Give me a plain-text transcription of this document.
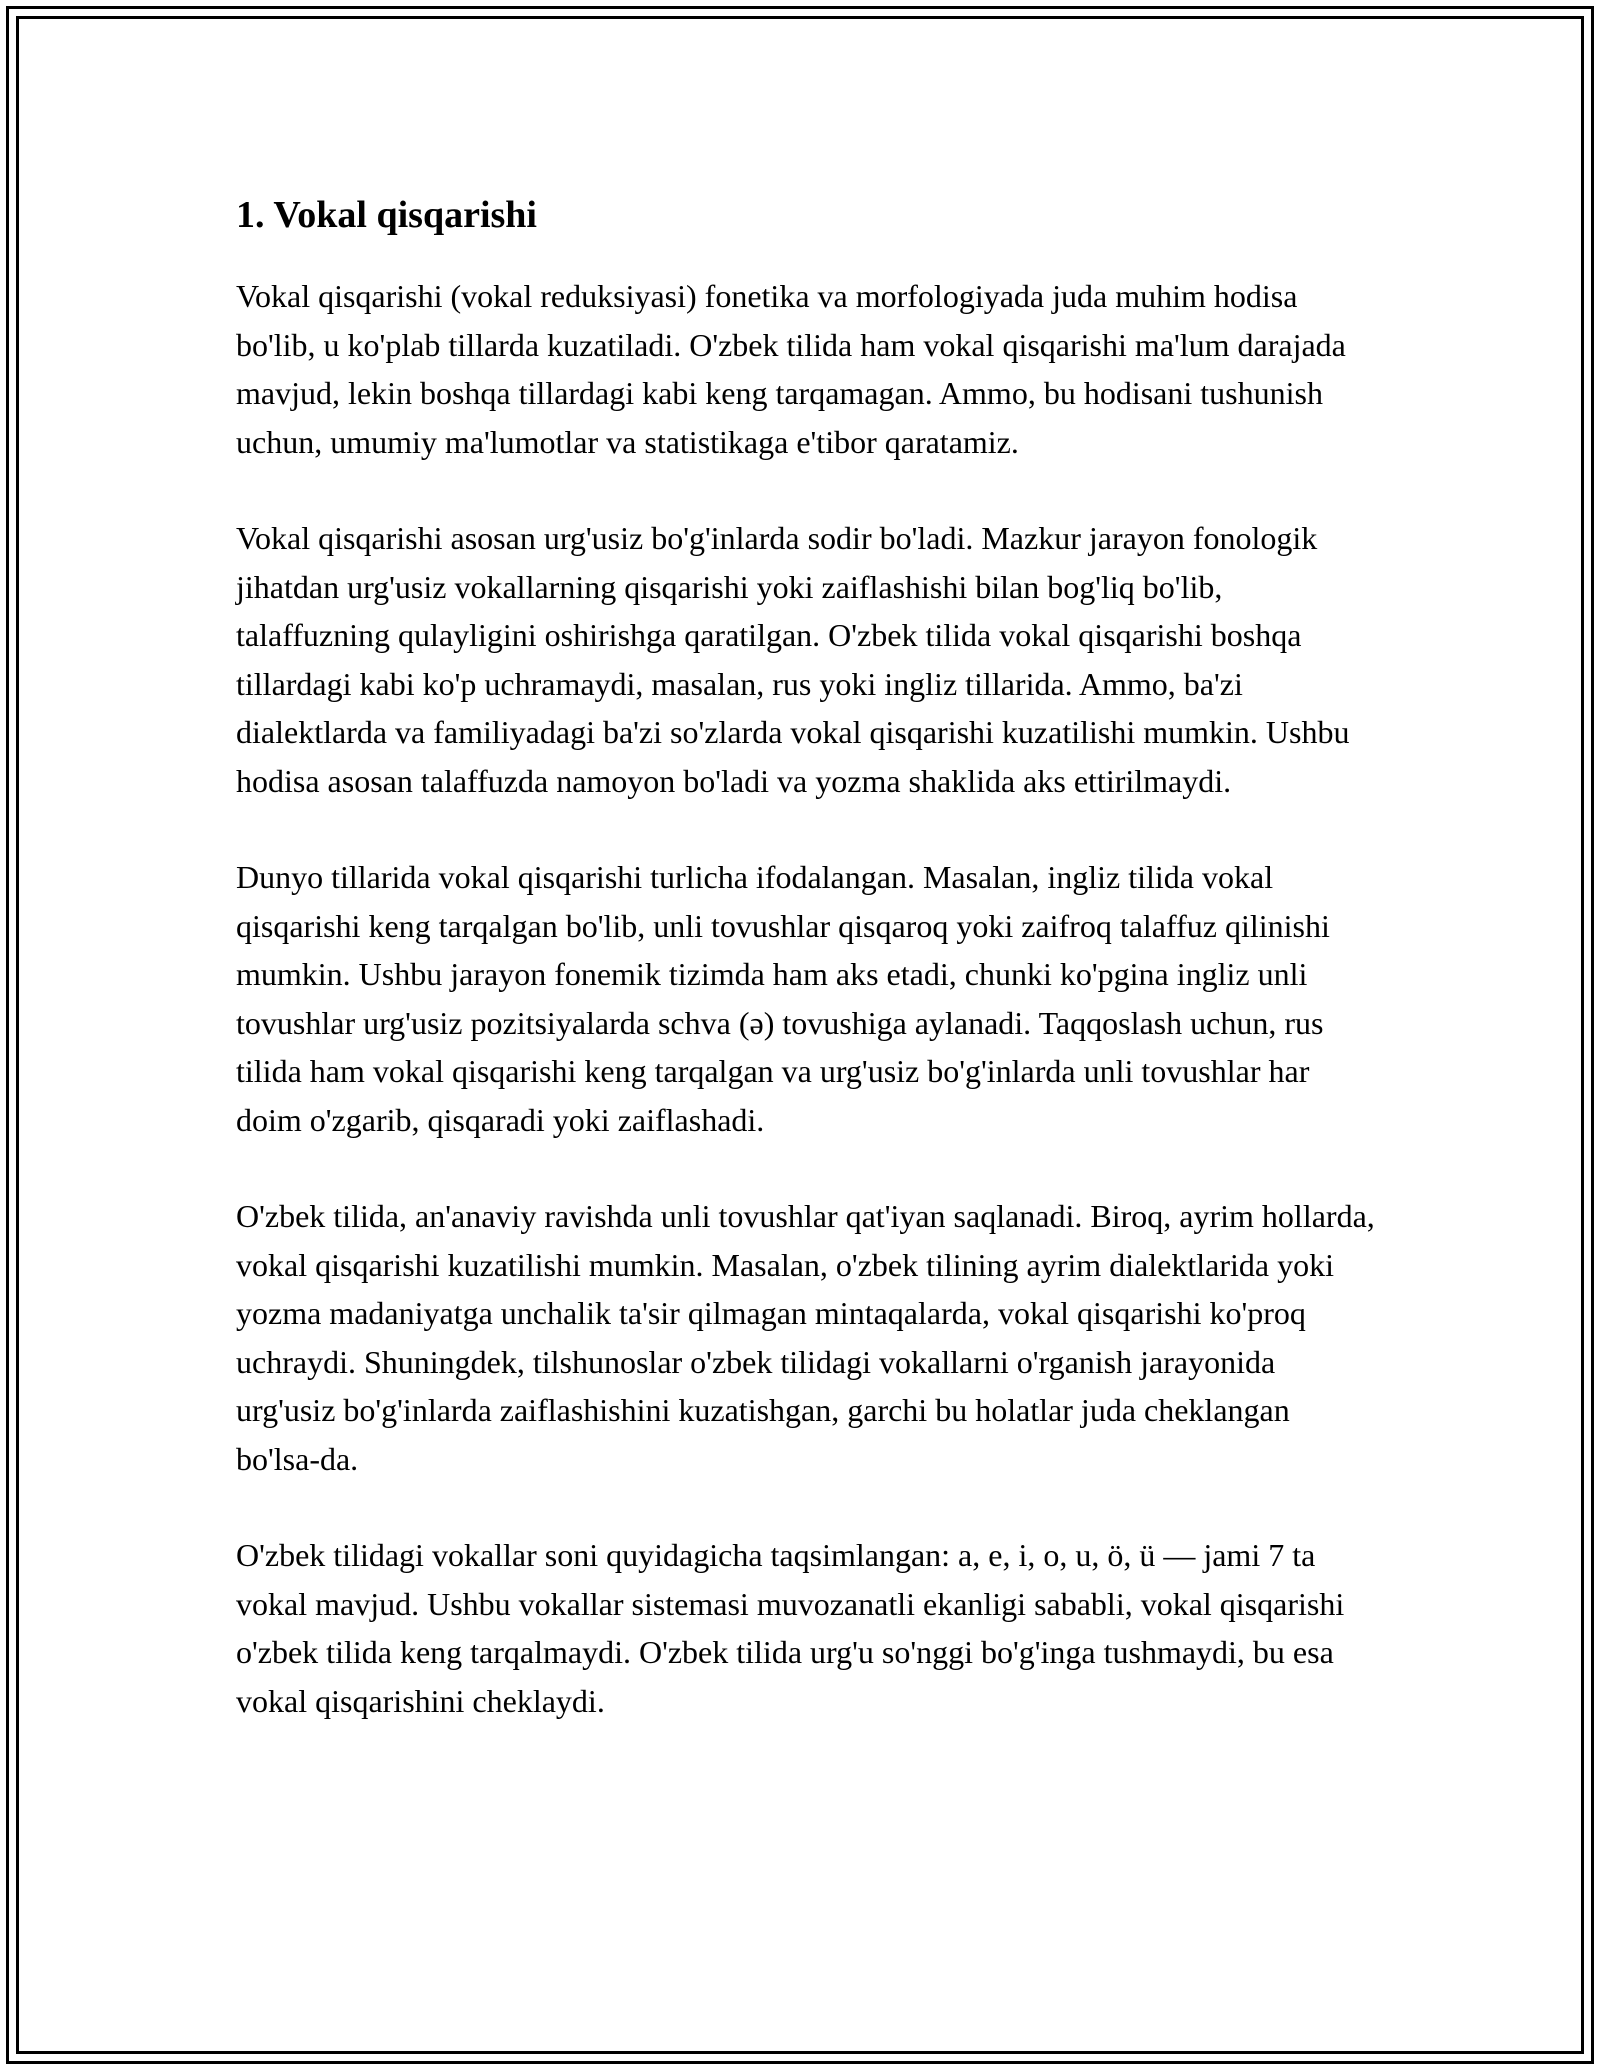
1. Vokal qisqarishi

Vokal qisqarishi (vokal reduksiyasi) fonetika va morfologiyada juda muhim hodisa bo'lib, u ko'plab tillarda kuzatiladi. O'zbek tilida ham vokal qisqarishi ma'lum darajada mavjud, lekin boshqa tillardagi kabi keng tarqamagan. Ammo, bu hodisani tushunish uchun, umumiy ma'lumotlar va statistikaga e'tibor qaratamiz.

Vokal qisqarishi asosan urg'usiz bo'g'inlarda sodir bo'ladi. Mazkur jarayon fonologik jihatdan urg'usiz vokallarning qisqarishi yoki zaiflashishi bilan bog'liq bo'lib, talaffuzning qulayligini oshirishga qaratilgan. O'zbek tilida vokal qisqarishi boshqa tillardagi kabi ko'p uchramaydi, masalan, rus yoki ingliz tillarida. Ammo, ba'zi dialektlarda va familiyadagi ba'zi so'zlarda vokal qisqarishi kuzatilishi mumkin. Ushbu hodisa asosan talaffuzda namoyon bo'ladi va yozma shaklida aks ettirilmaydi.

Dunyo tillarida vokal qisqarishi turlicha ifodalangan. Masalan, ingliz tilida vokal qisqarishi keng tarqalgan bo'lib, unli tovushlar qisqaroq yoki zaifroq talaffuz qilinishi mumkin. Ushbu jarayon fonemik tizimda ham aks etadi, chunki ko'pgina ingliz unli tovushlar urg'usiz pozitsiyalarda schva (ə) tovushiga aylanadi. Taqqoslash uchun, rus tilida ham vokal qisqarishi keng tarqalgan va urg'usiz bo'g'inlarda unli tovushlar har doim o'zgarib, qisqaradi yoki zaiflashadi.

O'zbek tilida, an'anaviy ravishda unli tovushlar qat'iyan saqlanadi. Biroq, ayrim hollarda, vokal qisqarishi kuzatilishi mumkin. Masalan, o'zbek tilining ayrim dialektlarida yoki yozma madaniyatga unchalik ta'sir qilmagan mintaqalarda, vokal qisqarishi ko'proq uchraydi. Shuningdek, tilshunoslar o'zbek tilidagi vokallarni o'rganish jarayonida urg'usiz bo'g'inlarda zaiflashishini kuzatishgan, garchi bu holatlar juda cheklangan bo'lsa-da.

O'zbek tilidagi vokallar soni quyidagicha taqsimlangan: a, e, i, o, u, ö, ü — jami 7 ta vokal mavjud. Ushbu vokallar sistemasi muvozanatli ekanligi sababli, vokal qisqarishi o'zbek tilida keng tarqalmaydi. O'zbek tilida urg'u so'nggi bo'g'inga tushmaydi, bu esa vokal qisqarishini cheklaydi.
